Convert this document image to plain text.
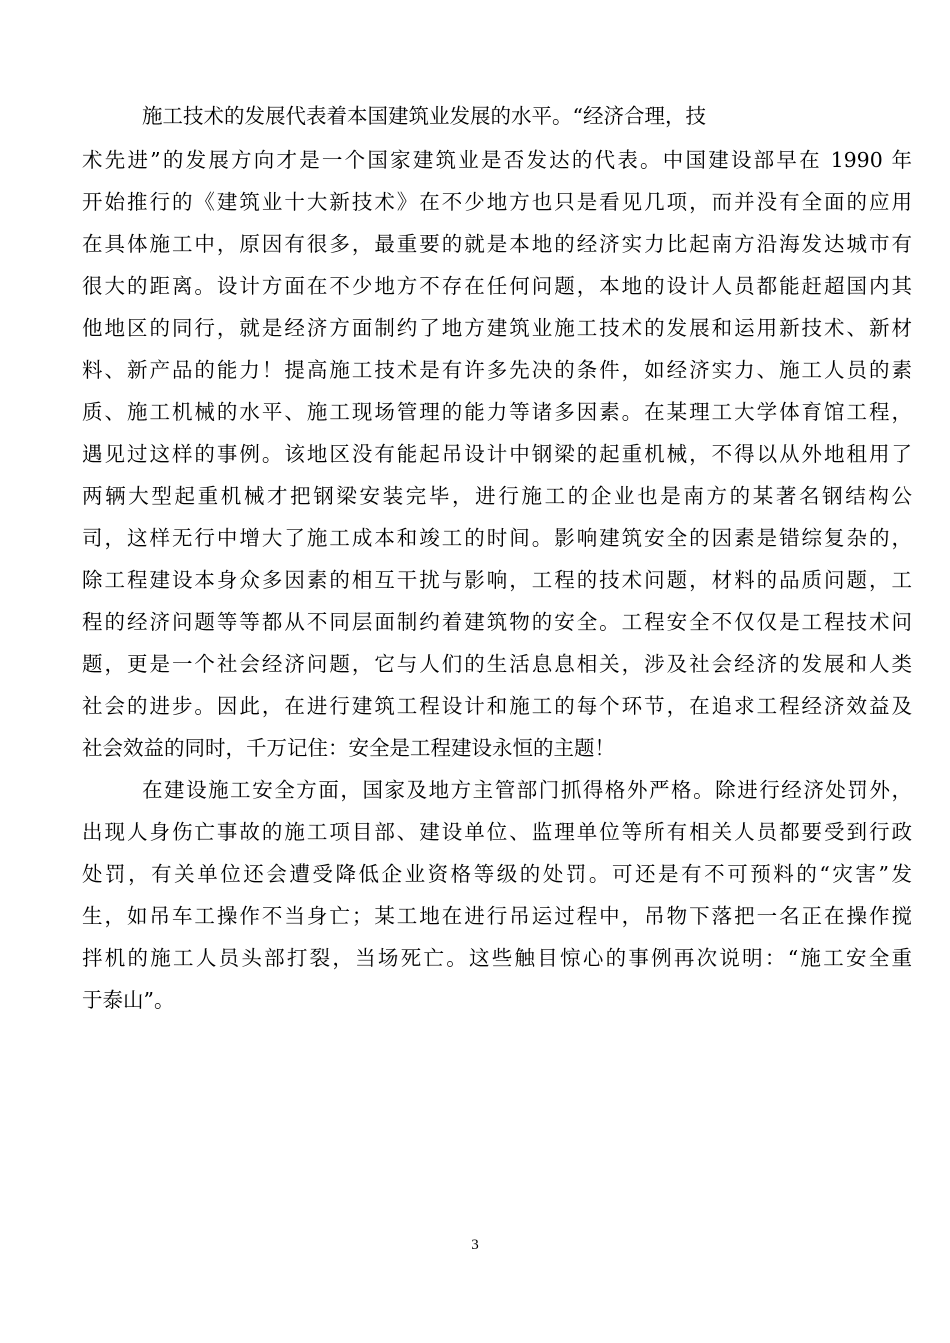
施工技术的发展代表着本国建筑业发展的水平。“经济合理，技
术先进”的发展方向才是一个国家建筑业是否发达的代表。中国建设部早在 1990 年
开始推行的《建筑业十大新技术》在不少地方也只是看见几项，而并没有全面的应用
在具体施工中，原因有很多，最重要的就是本地的经济实力比起南方沿海发达城市有
很大的距离。设计方面在不少地方不存在任何问题，本地的设计人员都能赶超国内其
他地区的同行，就是经济方面制约了地方建筑业施工技术的发展和运用新技术、新材
料、新产品的能力！提高施工技术是有许多先决的条件，如经济实力、施工人员的素
质、施工机械的水平、施工现场管理的能力等诸多因素。在某理工大学体育馆工程，
遇见过这样的事例。该地区没有能起吊设计中钢梁的起重机械，不得以从外地租用了
两辆大型起重机械才把钢梁安装完毕，进行施工的企业也是南方的某著名钢结构公
司，这样无行中增大了施工成本和竣工的时间。影响建筑安全的因素是错综复杂的，
除工程建设本身众多因素的相互干扰与影响，工程的技术问题，材料的品质问题，工
程的经济问题等等都从不同层面制约着建筑物的安全。工程安全不仅仅是工程技术问
题，更是一个社会经济问题，它与人们的生活息息相关，涉及社会经济的发展和人类
社会的进步。因此，在进行建筑工程设计和施工的每个环节，在追求工程经济效益及
社会效益的同时，千万记住：安全是工程建设永恒的主题！
在建设施工安全方面，国家及地方主管部门抓得格外严格。除进行经济处罚外，
出现人身伤亡事故的施工项目部、建设单位、监理单位等所有相关人员都要受到行政
处罚，有关单位还会遭受降低企业资格等级的处罚。可还是有不可预料的“灾害”发
生，如吊车工操作不当身亡；某工地在进行吊运过程中，吊物下落把一名正在操作搅
拌机的施工人员头部打裂，当场死亡。这些触目惊心的事例再次说明：“施工安全重
于泰山”。
3
